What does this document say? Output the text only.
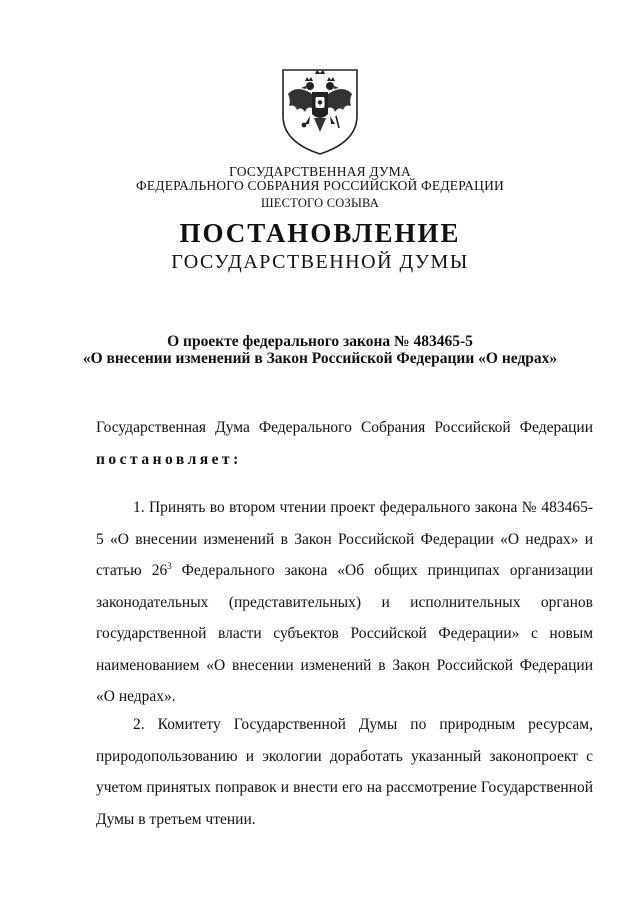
ГОСУДАРСТВЕННАЯ ДУМА
ФЕДЕРАЛЬНОГО СОБРАНИЯ РОССИЙСКОЙ ФЕДЕРАЦИИ
ШЕСТОГО СОЗЫВА
ПОСТАНОВЛЕНИЕ
ГОСУДАРСТВЕННОЙ ДУМЫ
О проекте федерального закона № 483465-5
«О внесении изменений в Закон Российской Федерации «О недрах»
Государственная Дума Федерального Собрания Российской Федерации постановляет:
1. Принять во втором чтении проект федерального закона № 483465-5 «О внесении изменений в Закон Российской Федерации «О недрах» и статью $26^3$ Федерального закона «Об общих принципах организации законодательных (представительных) и исполнительных органов государственной власти субъектов Российской Федерации» с новым наименованием «О внесении изменений в Закон Российской Федерации «О недрах».
2. Комитету Государственной Думы по природным ресурсам, природопользованию и экологии доработать указанный законопроект с учетом принятых поправок и внести его на рассмотрение Государственной Думы в третьем чтении.
